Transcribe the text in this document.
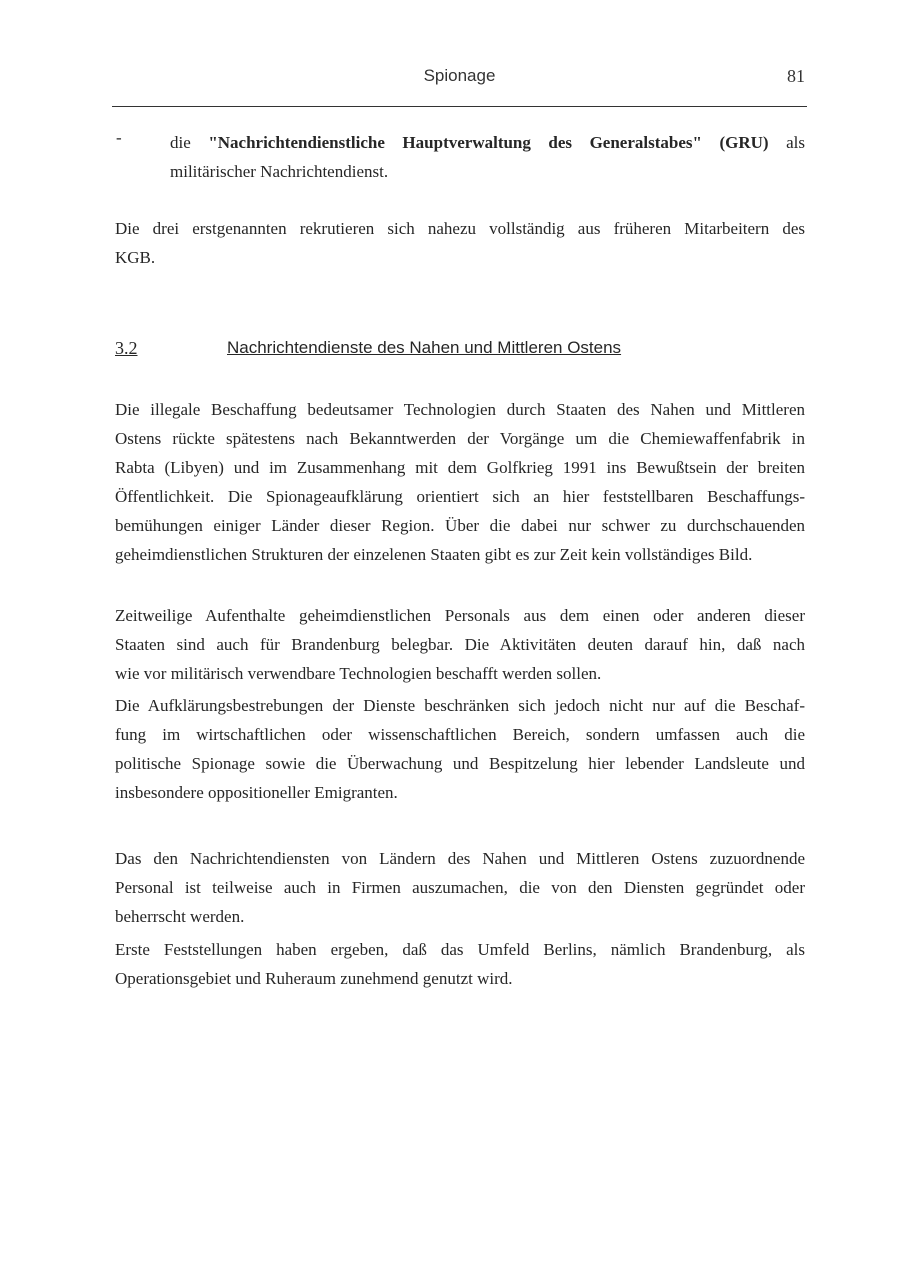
Spionage	81
-	die "Nachrichtendienstliche Hauptverwaltung des Generalstabes" (GRU) als
militärischer Nachrichtendienst.
Die drei erstgenannten rekrutieren sich nahezu vollständig aus früheren Mitarbeitern des
KGB.
3.2	Nachrichtendienste des Nahen und Mittleren Ostens
Die illegale Beschaffung bedeutsamer Technologien durch Staaten des Nahen und Mittleren
Ostens rückte spätestens nach Bekanntwerden der Vorgänge um die Chemiewaffenfabrik in
Rabta (Libyen) und im Zusammenhang mit dem Golfkrieg 1991 ins Bewußtsein der breiten
Öffentlichkeit. Die Spionageaufklärung orientiert sich an hier feststellbaren Beschaffungs-
bemühungen einiger Länder dieser Region. Über die dabei nur schwer zu durchschauenden
geheimdienstlichen Strukturen der einzelenen Staaten gibt es zur Zeit kein vollständiges Bild.
Zeitweilige Aufenthalte geheimdienstlichen Personals aus dem einen oder anderen dieser
Staaten sind auch für Brandenburg belegbar. Die Aktivitäten deuten darauf hin, daß nach
wie vor militärisch verwendbare Technologien beschafft werden sollen.
Die Aufklärungsbestrebungen der Dienste beschränken sich jedoch nicht nur auf die Beschaf-
fung im wirtschaftlichen oder wissenschaftlichen Bereich, sondern umfassen auch die
politische Spionage sowie die Überwachung und Bespitzelung hier lebender Landsleute und
insbesondere oppositioneller Emigranten.
Das den Nachrichtendiensten von Ländern des Nahen und Mittleren Ostens zuzuordnende
Personal ist teilweise auch in Firmen auszumachen, die von den Diensten gegründet oder
beherrscht werden.
Erste Feststellungen haben ergeben, daß das Umfeld Berlins, nämlich Brandenburg, als
Operationsgebiet und Ruheraum zunehmend genutzt wird.
